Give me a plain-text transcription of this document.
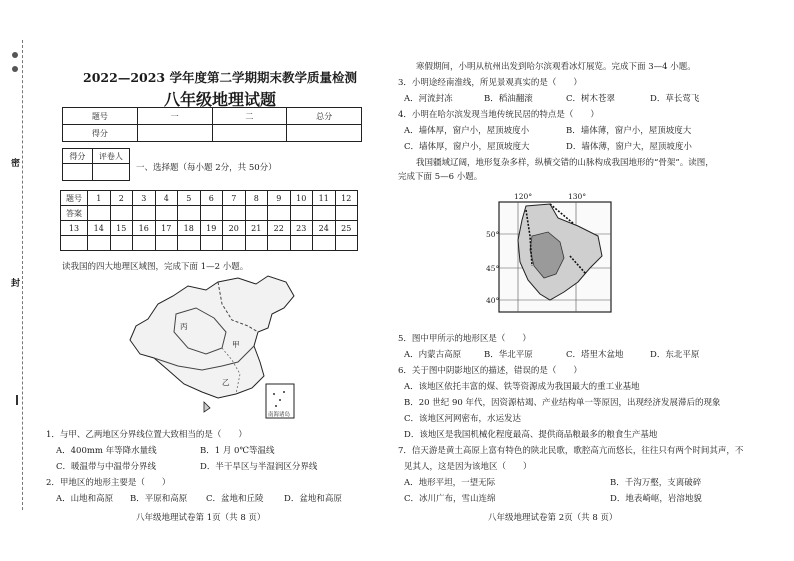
密
封
2022—2023 学年度第二学期期末教学质量检测
八年级地理试题
题号	一	二	总分
得分			
得分	评卷人

一、选择题（每小题 2分，共 50分）
题号	1	2	3	4	5	6	7	8	9	10	11	12
答案												
13	14	15	16	17	18	19	20	21	22	23	24	25

读我国的四大地理区域图，完成下面 1—2 小题。
丙
甲
乙
南海诸岛
1．与甲、乙两地区分界线位置大致相当的是（　　）
A．400mm 年等降水量线	B．1 月 0℃等温线
C．暖温带与中温带分界线	D．半干旱区与半湿润区分界线
2．甲地区的地形主要是（　　）
A．山地和高原 B．平原和高原 C．盆地和丘陵 D．盆地和高原
八年级地理试卷第 1页（共 8 页）
寒假期间，小明从杭州出发到哈尔滨观看冰灯展览。完成下面 3—4 小题。
3．小明途经南淮线，所见景观真实的是（　　）
A．河流封冻	B．稻油翻滚	C．树木苍翠	D．草长莺飞
4．小明在哈尔滨发现当地传统民居的特点是（　　）
A．墙体厚，窗户小，屋顶坡度小	B．墙体薄，窗户小，屋顶坡度大
C．墙体厚，窗户小，屋顶坡度大	D．墙体薄，窗户大，屋顶坡度小
我国疆域辽阔，地形复杂多样，纵横交错的山脉构成我国地形的“骨架”。读图，
完成下面 5—6 小题。
120°	130°
50°
45°
40°
5．图中甲所示的地形区是（　　）
A．内蒙古高原	B．华北平原	C．塔里木盆地	D．东北平原
6．关于图中阴影地区的描述，错误的是（　　）
A．该地区依托丰富的煤、铁等资源成为我国最大的重工业基地
B．20 世纪 90 年代，因资源枯竭、产业结构单一等原因，出现经济发展滞后的现象
C．该地区河网密布，水运发达
D．该地区是我国机械化程度最高、提供商品粮最多的粮食生产基地
7．信天游是黄土高原上富有特色的陕北民歌，歌腔高亢而悠长，往往只有两个时间其声，不
见其人，这是因为该地区（　　）
A．地形平坦，一望无际	B．千沟万壑，支离破碎
C．冰川广布，雪山连绵	D．地表崎岖，岩溶地貌
八年级地理试卷第 2页（共 8 页）
